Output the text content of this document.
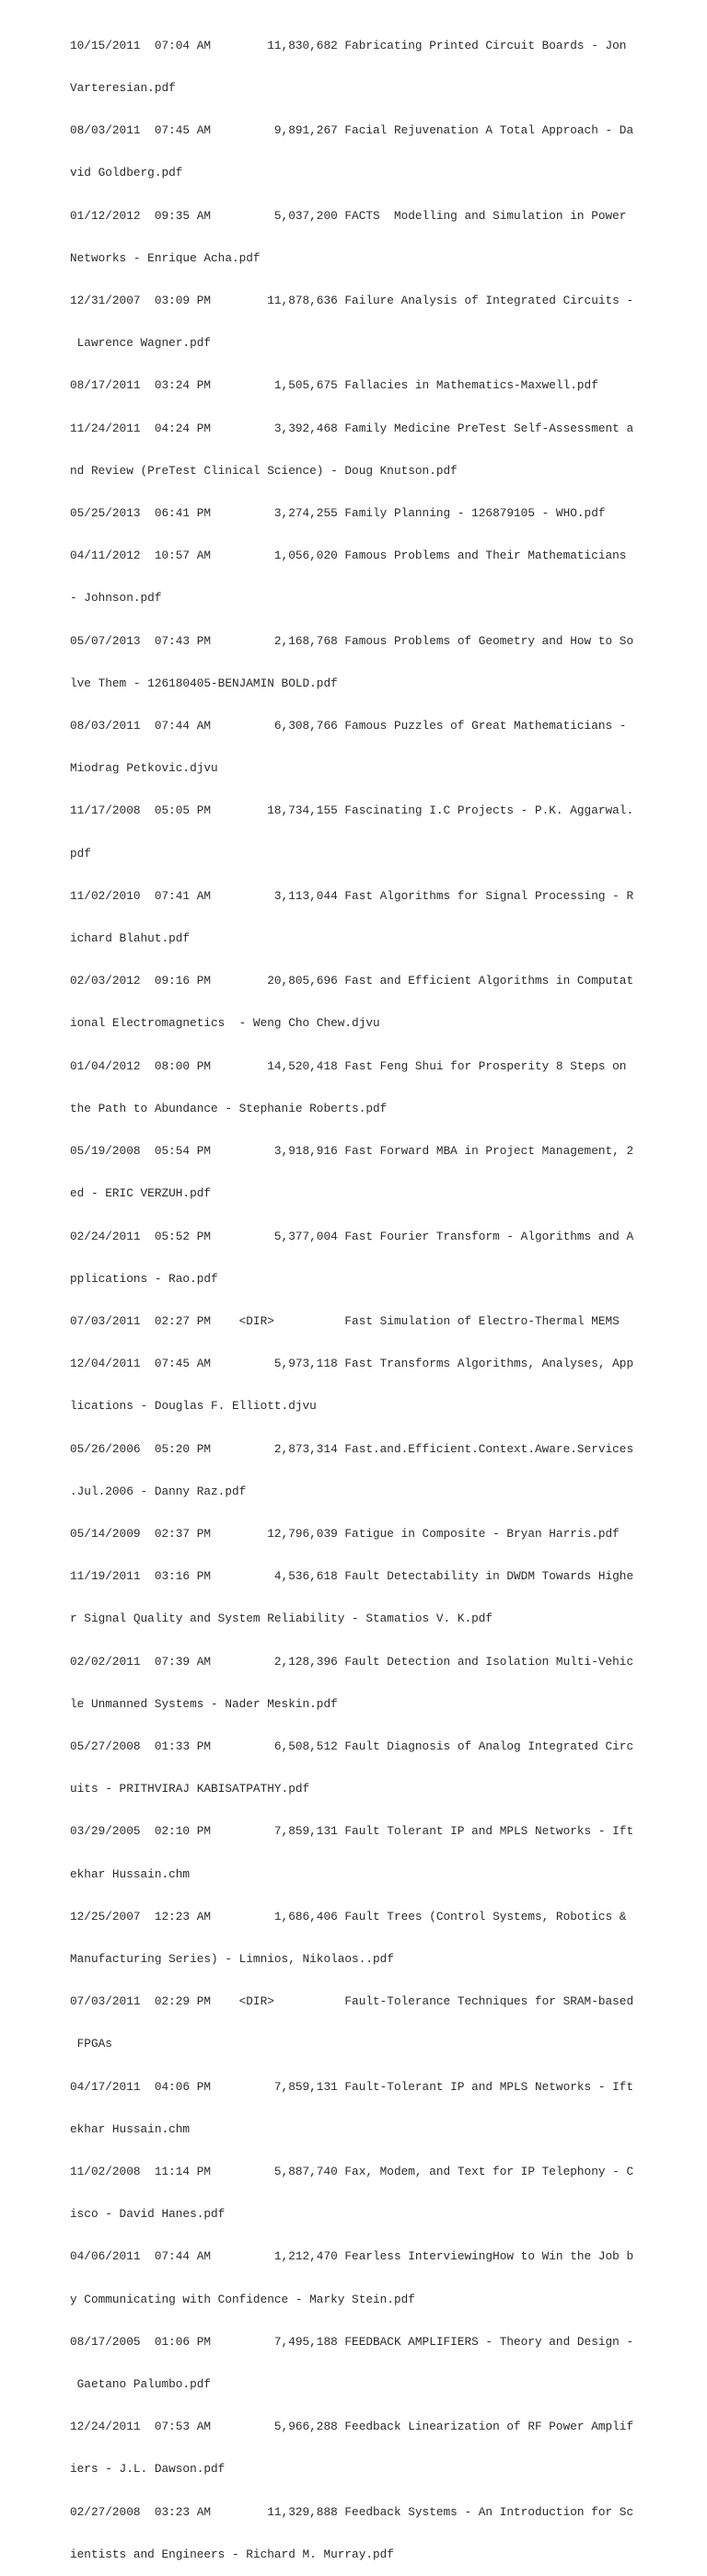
10/15/2011  07:04 AM        11,830,682 Fabricating Printed Circuit Boards - Jon

Varteresian.pdf

08/03/2011  07:45 AM         9,891,267 Facial Rejuvenation A Total Approach - Da

vid Goldberg.pdf

01/12/2012  09:35 AM         5,037,200 FACTS  Modelling and Simulation in Power

Networks - Enrique Acha.pdf

12/31/2007  03:09 PM        11,878,636 Failure Analysis of Integrated Circuits -

Lawrence Wagner.pdf

08/17/2011  03:24 PM         1,505,675 Fallacies in Mathematics-Maxwell.pdf

11/24/2011  04:24 PM         3,392,468 Family Medicine PreTest Self-Assessment a

nd Review (PreTest Clinical Science) - Doug Knutson.pdf

05/25/2013  06:41 PM         3,274,255 Family Planning - 126879105 - WHO.pdf

04/11/2012  10:57 AM         1,056,020 Famous Problems and Their Mathematicians

- Johnson.pdf

05/07/2013  07:43 PM         2,168,768 Famous Problems of Geometry and How to So

lve Them - 126180405-BENJAMIN BOLD.pdf

08/03/2011  07:44 AM         6,308,766 Famous Puzzles of Great Mathematicians -

Miodrag Petkovic.djvu

11/17/2008  05:05 PM        18,734,155 Fascinating I.C Projects - P.K. Aggarwal.

pdf

11/02/2010  07:41 AM         3,113,044 Fast Algorithms for Signal Processing - R

ichard Blahut.pdf

02/03/2012  09:16 PM        20,805,696 Fast and Efficient Algorithms in Computat

ional Electromagnetics  - Weng Cho Chew.djvu

01/04/2012  08:00 PM        14,520,418 Fast Feng Shui for Prosperity 8 Steps on

the Path to Abundance - Stephanie Roberts.pdf

05/19/2008  05:54 PM         3,918,916 Fast Forward MBA in Project Management, 2

ed - ERIC VERZUH.pdf

02/24/2011  05:52 PM         5,377,004 Fast Fourier Transform - Algorithms and A

pplications - Rao.pdf

07/03/2011  02:27 PM    <DIR>          Fast Simulation of Electro-Thermal MEMS

12/04/2011  07:45 AM         5,973,118 Fast Transforms Algorithms, Analyses, App

lications - Douglas F. Elliott.djvu

05/26/2006  05:20 PM         2,873,314 Fast.and.Efficient.Context.Aware.Services

.Jul.2006 - Danny Raz.pdf

05/14/2009  02:37 PM        12,796,039 Fatigue in Composite - Bryan Harris.pdf

11/19/2011  03:16 PM         4,536,618 Fault Detectability in DWDM Towards Highe

r Signal Quality and System Reliability - Stamatios V. K.pdf

02/02/2011  07:39 AM         2,128,396 Fault Detection and Isolation Multi-Vehic

le Unmanned Systems - Nader Meskin.pdf

05/27/2008  01:33 PM         6,508,512 Fault Diagnosis of Analog Integrated Circ

uits - PRITHVIRAJ KABISATPATHY.pdf

03/29/2005  02:10 PM         7,859,131 Fault Tolerant IP and MPLS Networks - Ift

ekhar Hussain.chm

12/25/2007  12:23 AM         1,686,406 Fault Trees (Control Systems, Robotics &

Manufacturing Series) - Limnios, Nikolaos..pdf

07/03/2011  02:29 PM    <DIR>          Fault-Tolerance Techniques for SRAM-based

FPGAs

04/17/2011  04:06 PM         7,859,131 Fault-Tolerant IP and MPLS Networks - Ift

ekhar Hussain.chm

11/02/2008  11:14 PM         5,887,740 Fax, Modem, and Text for IP Telephony - C

isco - David Hanes.pdf

04/06/2011  07:44 AM         1,212,470 Fearless InterviewingHow to Win the Job b

y Communicating with Confidence - Marky Stein.pdf

08/17/2005  01:06 PM         7,495,188 FEEDBACK AMPLIFIERS - Theory and Design -

Gaetano Palumbo.pdf

12/24/2011  07:53 AM         5,966,288 Feedback Linearization of RF Power Amplif

iers - J.L. Dawson.pdf

02/27/2008  03:23 AM        11,329,888 Feedback Systems - An Introduction for Sc

ientists and Engineers - Richard M. Murray.pdf
